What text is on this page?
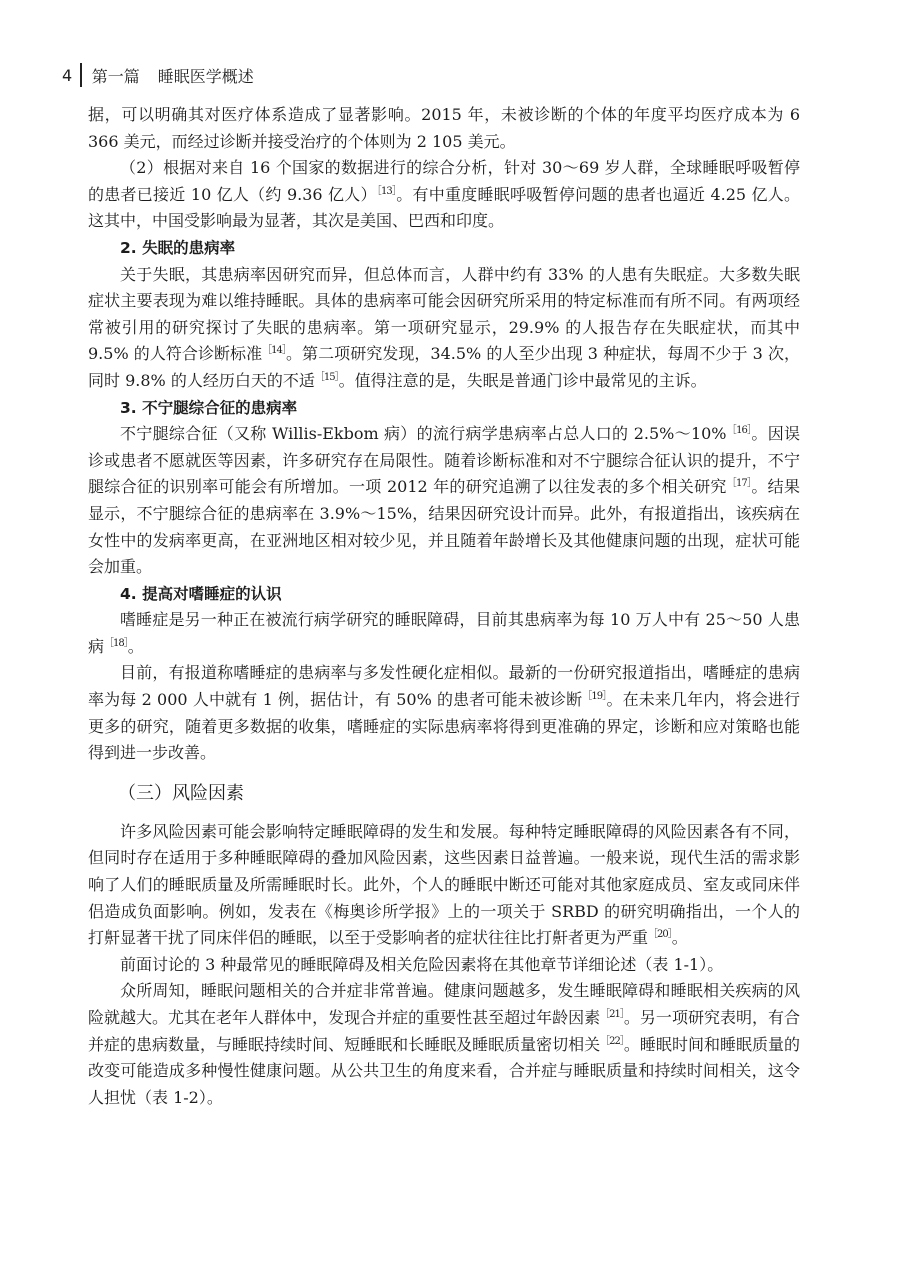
4 第一篇 睡眠医学概述

据，可以明确其对医疗体系造成了显著影响。2015 年，未被诊断的个体的年度平均医疗成本为 6 366 美元，而经过诊断并接受治疗的个体则为 2 105 美元。

（2）根据对来自 16 个国家的数据进行的综合分析，针对 30～69 岁人群，全球睡眠呼吸暂停的患者已接近 10 亿人（约 9.36 亿人）$^{[13]}$。有中重度睡眠呼吸暂停问题的患者也逼近 4.25 亿人。这其中，中国受影响最为显著，其次是美国、巴西和印度。

2. 失眠的患病率

关于失眠，其患病率因研究而异，但总体而言，人群中约有 33% 的人患有失眠症。大多数失眠症状主要表现为难以维持睡眠。具体的患病率可能会因研究所采用的特定标准而有所不同。有两项经常被引用的研究探讨了失眠的患病率。第一项研究显示，29.9% 的人报告存在失眠症状，而其中 9.5% 的人符合诊断标准$^{[14]}$。第二项研究发现，34.5% 的人至少出现 3 种症状，每周不少于 3 次，同时 9.8% 的人经历白天的不适$^{[15]}$。值得注意的是，失眠是普通门诊中最常见的主诉。

3. 不宁腿综合征的患病率

不宁腿综合征（又称 Willis-Ekbom 病）的流行病学患病率占总人口的 2.5%～10%$^{[16]}$。因误诊或患者不愿就医等因素，许多研究存在局限性。随着诊断标准和对不宁腿综合征认识的提升，不宁腿综合征的识别率可能会有所增加。一项 2012 年的研究追溯了以往发表的多个相关研究$^{[17]}$。结果显示，不宁腿综合征的患病率在 3.9%～15%，结果因研究设计而异。此外，有报道指出，该疾病在女性中的发病率更高，在亚洲地区相对较少见，并且随着年龄增长及其他健康问题的出现，症状可能会加重。

4. 提高对嗜睡症的认识

嗜睡症是另一种正在被流行病学研究的睡眠障碍，目前其患病率为每 10 万人中有 25～50 人患病$^{[18]}$。

目前，有报道称嗜睡症的患病率与多发性硬化症相似。最新的一份研究报道指出，嗜睡症的患病率为每 2 000 人中就有 1 例，据估计，有 50% 的患者可能未被诊断$^{[19]}$。在未来几年内，将会进行更多的研究，随着更多数据的收集，嗜睡症的实际患病率将得到更准确的界定，诊断和应对策略也能得到进一步改善。

（三）风险因素

许多风险因素可能会影响特定睡眠障碍的发生和发展。每种特定睡眠障碍的风险因素各有不同，但同时存在适用于多种睡眠障碍的叠加风险因素，这些因素日益普遍。一般来说，现代生活的需求影响了人们的睡眠质量及所需睡眠时长。此外，个人的睡眠中断还可能对其他家庭成员、室友或同床伴侣造成负面影响。例如，发表在《梅奥诊所学报》上的一项关于 SRBD 的研究明确指出，一个人的打鼾显著干扰了同床伴侣的睡眠，以至于受影响者的症状往往比打鼾者更为严重$^{[20]}$。

前面讨论的 3 种最常见的睡眠障碍及相关危险因素将在其他章节详细论述（表 1-1）。

众所周知，睡眠问题相关的合并症非常普遍。健康问题越多，发生睡眠障碍和睡眠相关疾病的风险就越大。尤其在老年人群体中，发现合并症的重要性甚至超过年龄因素$^{[21]}$。另一项研究表明，有合并症的患病数量，与睡眠持续时间、短睡眠和长睡眠及睡眠质量密切相关$^{[22]}$。睡眠时间和睡眠质量的改变可能造成多种慢性健康问题。从公共卫生的角度来看，合并症与睡眠质量和持续时间相关，这令人担忧（表 1-2）。
